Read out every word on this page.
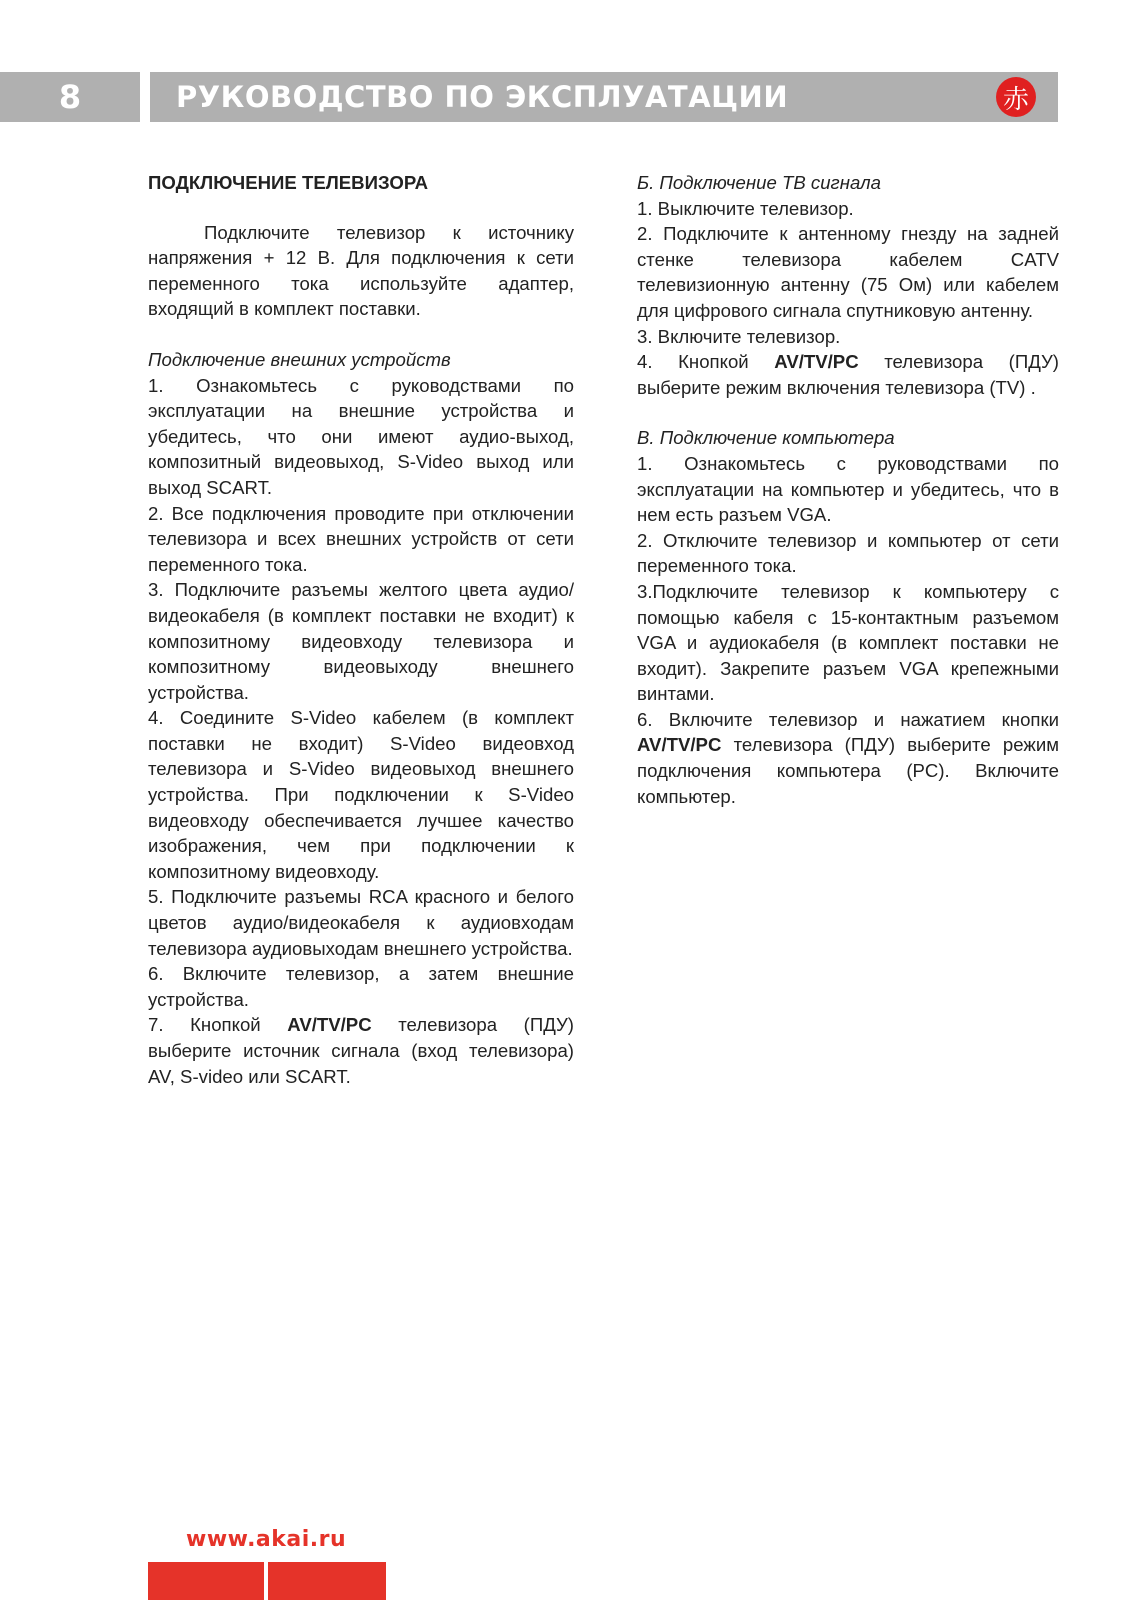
8	РУКОВОДСТВО ПО ЭКСПЛУАТАЦИИ	赤
ПОДКЛЮЧЕНИЕ ТЕЛЕВИЗОРА

Подключите телевизор к источнику напряжения + 12 В. Для подключения к сети переменного тока используйте адаптер, входящий в комплект поставки.

Подключение внешних устройств

1. Ознакомьтесь с руководствами по эксплуатации на внешние устройства и убедитесь, что они имеют аудио-выход, композитный видеовыход, S-Video выход или выход SCART.

2. Все подключения проводите при отключении телевизора и всех внешних устройств от сети переменного тока.

3. Подключите разъемы желтого цвета аудио/видеокабеля (в комплект поставки не входит) к композитному видеовходу телевизора и композитному видеовыходу внешнего устройства.

4. Соедините S-Video кабелем (в комплект поставки не входит) S-Video видеовход телевизора и S-Video видеовыход внешнего устройства. При подключении к S-Video видеовходу обеспечивается лучшее качество изображения, чем при подключении к композитному видеовходу.

5. Подключите разъемы RCA красного и белого цветов аудио/видеокабеля к аудиовходам телевизора аудиовыходам внешнего устройства.

6. Включите телевизор, а затем внешние устройства.

7. Кнопкой AV/TV/PC телевизора (ПДУ) выберите источник сигнала (вход телевизора) AV, S-video или SCART.

Б. Подключение ТВ сигнала

1. Выключите телевизор.

2. Подключите к антенному гнезду на задней стенке телевизора кабелем CATV телевизионную антенну (75 Ом) или кабелем для цифрового сигнала спутниковую антенну.

3. Включите телевизор.

4. Кнопкой AV/TV/PC телевизора (ПДУ) выберите режим включения телевизора (TV) .

В. Подключение компьютера

1. Ознакомьтесь с руководствами по эксплуатации на компьютер и убедитесь, что в нем есть разъем VGA.

2. Отключите телевизор и компьютер от сети переменного тока.

3.Подключите телевизор к компьютеру с помощью кабеля с 15-контактным разъемом VGA и аудиокабеля (в комплект поставки не входит). Закрепите разъем VGA крепежными винтами.

6. Включите телевизор и нажатием кнопки AV/TV/PC телевизора (ПДУ) выберите режим подключения компьютера (PC). Включите компьютер.

www.akai.ru
